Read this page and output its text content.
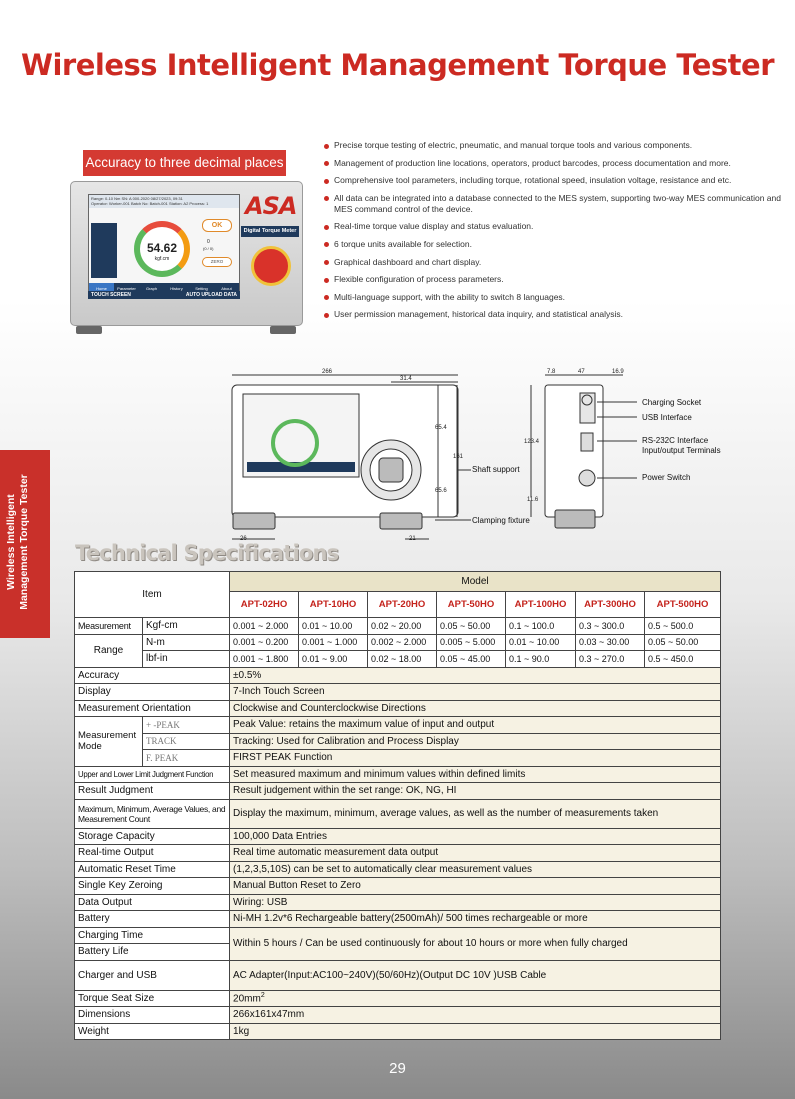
Wireless Intelligent Management Torque Tester
Accuracy to three decimal places
Precise torque testing of electric, pneumatic, and manual torque tools and various components.
Management of production line locations, operators, product barcodes, process documentation and more.
Comprehensive tool parameters, including torque, rotational speed, insulation voltage, resistance and etc.
All data can be integrated into a database connected to the MES system, supporting two-way MES communication and MES command control of the device.
Real-time torque value display and status evaluation.
6 torque units available for selection.
Graphical dashboard and chart display.
Flexible configuration of process parameters.
Multi-language support, with the ability to switch 8 languages.
User permission management, historical data inquiry, and statistical analysis.
Range: 0-10 Nm SN: A 000-2020 08/27/2023, 09:31
Operator: Worker-001 Batch No: Batch-001 Station: A2 Process: 1
54.62
kgf.cm
OK
0
(0 / 0)
ZERO
Home	Parameter	Graph	History	Setting	About
TOUCH SCREEN	AUTO UPLOAD DATA
ASA
Digital Torque Meter
266
31.4
65.4
161
65.6
26	21
7.8	47	16.9
123.4
11.6
Shaft support
Clamping fixture
Charging Socket
USB Interface
RS-232C Interface
Input/output Terminals
Power Switch
Wireless Intelligent
Management Torque Tester
Technical Specifications
Item		Model						
		APT-02HO	APT-10HO	APT-20HO	APT-50HO	APT-100HO	APT-300HO	APT-500HO
Measurement	Kgf-cm	0.001 ~ 2.000	0.01 ~ 10.00	0.02 ~ 20.00	0.05 ~ 50.00	0.1 ~ 100.0	0.3 ~ 300.0	0.5 ~ 500.0
Range	N-m	0.001 ~ 0.200	0.001 ~ 1.000	0.002 ~ 2.000	0.005 ~ 5.000	0.01 ~ 10.00	0.03 ~ 30.00	0.05 ~ 50.00
	lbf-in	0.001 ~ 1.800	0.01 ~ 9.00	0.02 ~ 18.00	0.05 ~ 45.00	0.1 ~ 90.0	0.3 ~ 270.0	0.5 ~ 450.0
Accuracy		±0.5%						
Display		7-Inch Touch Screen						
Measurement Orientation		Clockwise and Counterclockwise Directions						
Measurement Mode	+ -PEAK	Peak Value: retains the maximum value of input and output						
	TRACK	Tracking: Used for Calibration and Process Display						
	F. PEAK	FIRST PEAK Function						
Upper and Lower Limit Judgment Function		Set measured maximum and minimum values within defined limits						
Result Judgment		Result judgement within the set range: OK, NG, HI						
Maximum, Minimum, Average Values, and Measurement Count		Display the maximum, minimum, average values, as well as the number of measurements taken						
Storage Capacity		100,000 Data Entries						
Real-time Output		Real time automatic measurement data output						
Automatic Reset Time		(1,2,3,5,10S) can be set to automatically clear measurement values						
Single Key Zeroing		Manual Button Reset to Zero						
Data Output		Wiring: USB						
Battery		Ni-MH 1.2v*6 Rechargeable battery(2500mAh)/ 500 times rechargeable or more						
Charging Time		Within 5 hours / Can be used continuously for about 10 hours or more when fully charged						
Battery Life								
Charger and USB		AC Adapter(Input:AC100~240V)(50/60Hz)(Output DC 10V )USB Cable						
Torque Seat Size		$20mm^2$
Dimensions		266x161x47mm						
Weight		1kg						
29
